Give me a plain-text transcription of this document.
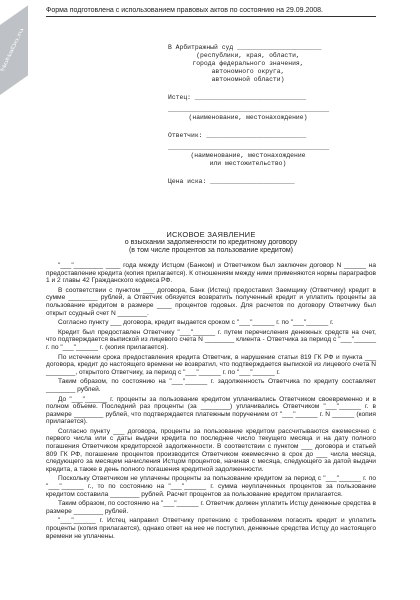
NoNaDo.ru
Форма подготовлена с использованием правовых актов по состоянию на 29.09.2008.
В Арбитражный суд ______________________
(республики, края, области,
города федерального значения,
автономного округа,
автономной области)
Истец: _____________________________
__________________________________________
(наименование, местонахождение)
Ответчик: __________________________
__________________________________________
(наименование, местонахождение
или местожительство)
Цена иска: ______________________
ИСКОВОЕ ЗАЯВЛЕНИЕ
о взыскании задолженности по кредитному договору
(в том числе процентов за пользование кредитом)

"___"________ ____ года между Истцом (Банком) и Ответчиком был заключен договор N ______ на предоставление кредита (копия прилагается). К отношениям между ними применяются нормы параграфов 1 и 2 главы 42 Гражданского кодекса РФ.

В соответствии с пунктом ___ договора, Банк (Истец) предоставил Заемщику (Ответчику) кредит в сумме ________ рублей, а Ответчик обязуется возвратить полученный кредит и уплатить проценты за пользование кредитом в размере ____ процентов годовых. Для расчетов по договору Ответчику был открыт ссудный счет N ________.

Согласно пункту ___ договора, кредит выдается сроком с "___"______ г. по "___"______ г.

Кредит был предоставлен Ответчику "___"______ г. путем перечисления денежных средств на счет, что подтверждается выпиской из лицевого счета N ________ клиента - Ответчика за период с "___"______ г. по "___"______ г. (копия прилагается).

По истечении срока предоставления кредита Ответчик, в нарушение статьи 819 ГК РФ и пункта ___ договора, кредит до настоящего времени не возвратил, что подтверждается выпиской из лицевого счета N ________, открытого Ответчику, за период с "___"______ г. по "___"______ г.

Таким образом, по состоянию на "___"______ г. задолженность Ответчика по кредиту составляет ________ рублей.

До "___"______ г. проценты за пользование кредитом уплачивались Ответчиком своевременно и в полном объеме. Последний раз проценты (за ________) уплачивались Ответчиком "___"______ г. в размере ________ рублей, что подтверждается платежным поручением от "___"______ г. N ______ (копия прилагается).

Согласно пункту ___ договора, проценты за пользование кредитом рассчитываются ежемесячно с первого числа или с даты выдачи кредита по последнее число текущего месяца и на дату полного погашения Ответчиком кредиторской задолженности. В соответствии с пунктом ___ договора и статьей 809 ГК РФ, погашение процентов производится Ответчиком ежемесячно в срок до ___ числа месяца, следующего за месяцем начисления Истцом процентов, начиная с месяца, следующего за датой выдачи кредита, а также в день полного погашения кредитной задолженности.

Поскольку Ответчиком не уплачены проценты за пользование кредитом за период с "___"______ г. по "___"______ г., то по состоянию на "___"______ г. сумма неуплаченных процентов за пользование кредитом составила ________ рублей. Расчет процентов за пользование кредитом прилагается.

Таким образом, по состоянию на "___"______ г. Ответчик должен уплатить Истцу денежные средства в размере ________ рублей.

"___"______ г. Истец направил Ответчику претензию с требованием погасить кредит и уплатить проценты (копия прилагается), однако ответ на нее не поступил, денежные средства Истцу до настоящего времени не уплачены.
